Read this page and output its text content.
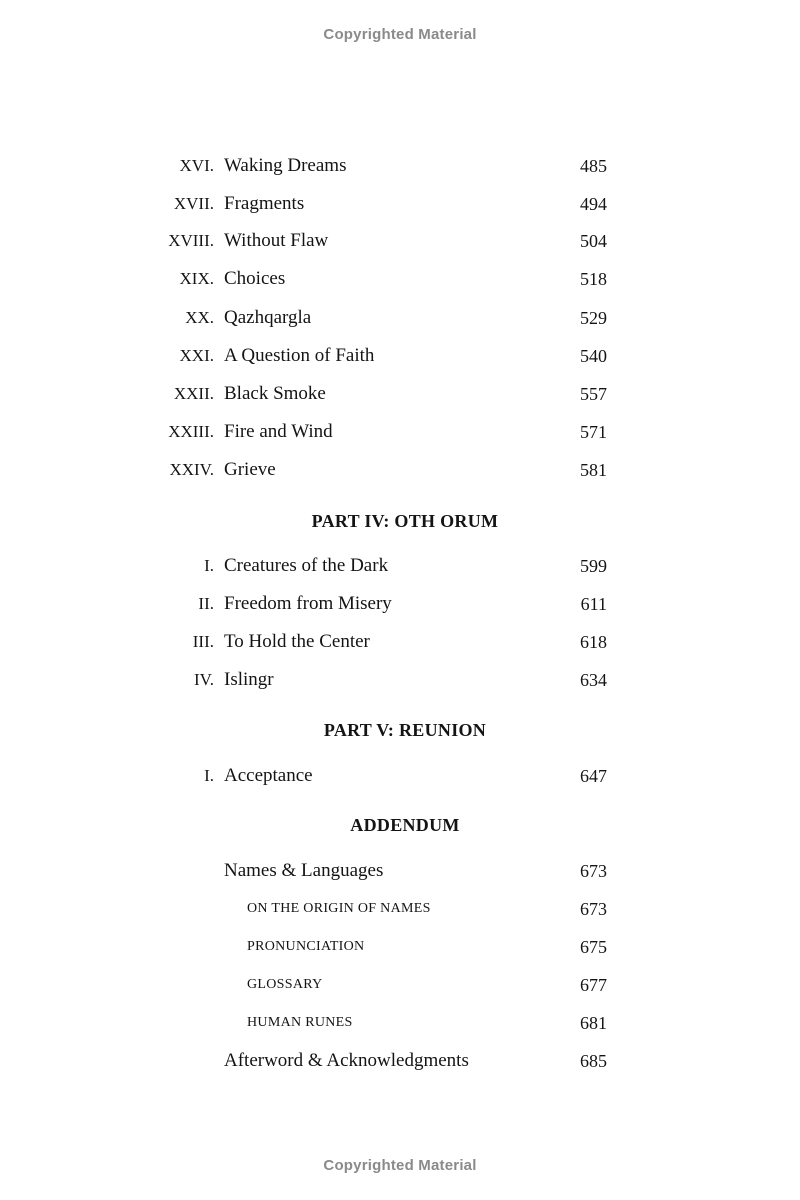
Copyrighted Material
XVI. Waking Dreams	485
XVII. Fragments	494
XVIII. Without Flaw	504
XIX. Choices	518
XX. Qazhqargla	529
XXI. A Question of Faith	540
XXII. Black Smoke	557
XXIII. Fire and Wind	571
XXIV. Grieve	581
PART IV: OTH ORUM
I. Creatures of the Dark	599
II. Freedom from Misery	611
III. To Hold the Center	618
IV. Islingr	634
PART V: REUNION
I. Acceptance	647
ADDENDUM
Names & Languages	673
ON THE ORIGIN OF NAMES	673
PRONUNCIATION	675
GLOSSARY	677
HUMAN RUNES	681
Afterword & Acknowledgments	685
Copyrighted Material
